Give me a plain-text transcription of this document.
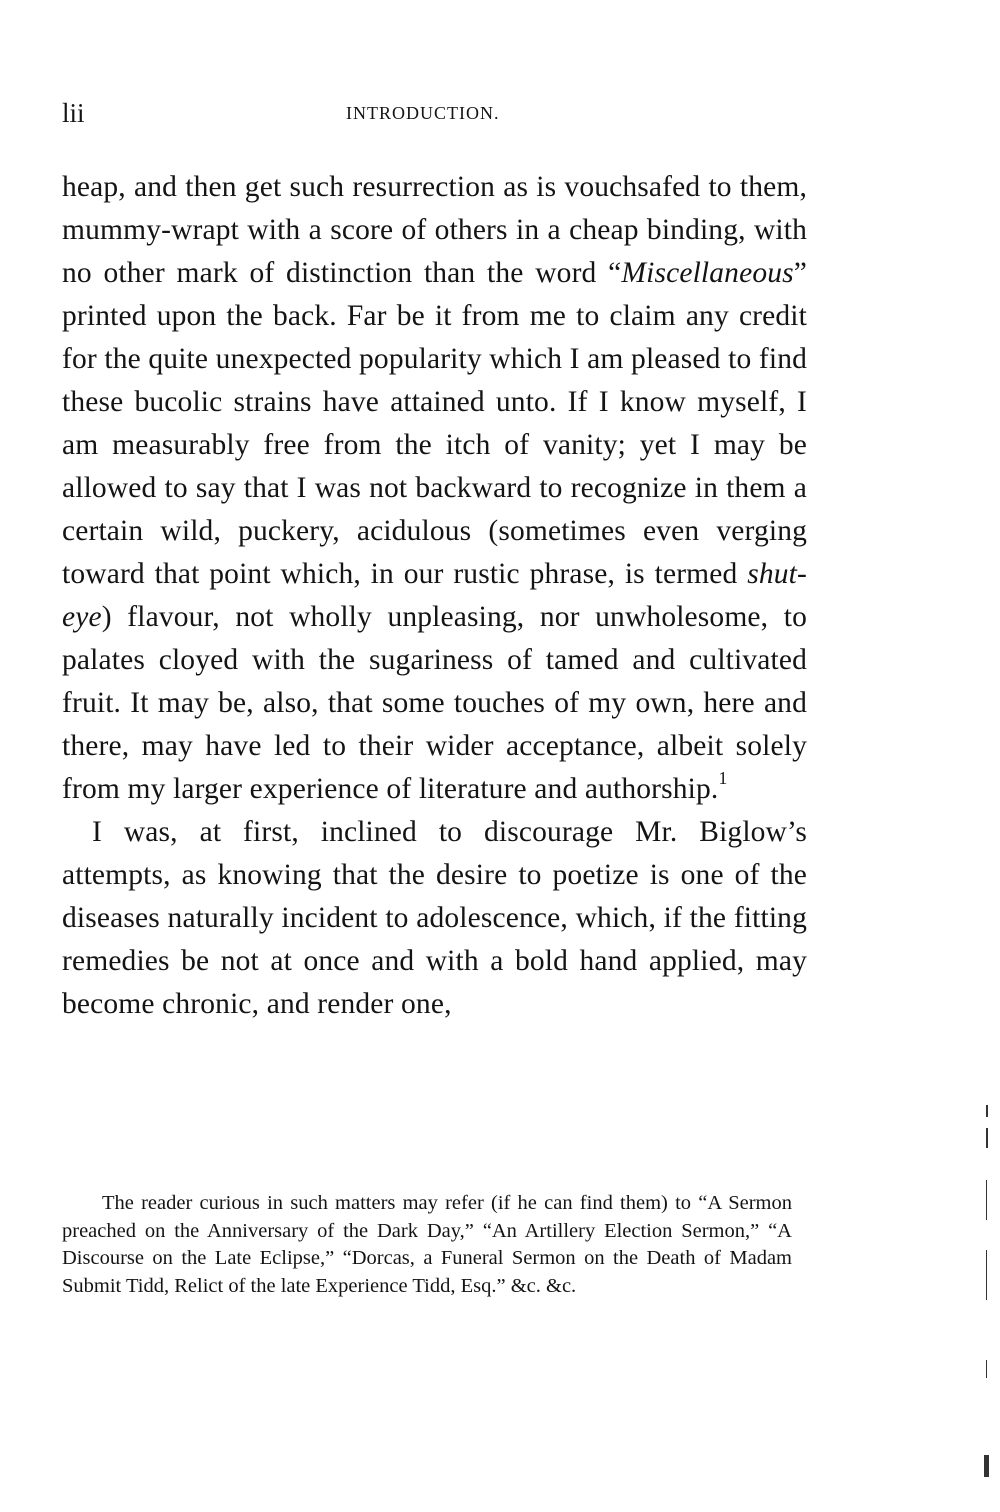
lii	INTRODUCTION.

heap, and then get such resurrection as is vouchsafed to them, mummy-wrapt with a score of others in a cheap binding, with no other mark of distinction than the word “Miscellaneous” printed upon the back. Far be it from me to claim any credit for the quite unexpected popularity which I am pleased to find these bucolic strains have attained unto. If I know myself, I am measurably free from the itch of vanity; yet I may be allowed to say that I was not backward to recognize in them a certain wild, puckery, acidulous (sometimes even verging toward that point which, in our rustic phrase, is termed shut-eye) flavour, not wholly unpleasing, nor unwholesome, to palates cloyed with the sugariness of tamed and cultivated fruit. It may be, also, that some touches of my own, here and there, may have led to their wider acceptance, albeit solely from my larger experience of literature and authorship.$^1$

I was, at first, inclined to discourage Mr. Biglow’s attempts, as knowing that the desire to poetize is one of the diseases naturally incident to adolescence, which, if the fitting remedies be not at once and with a bold hand applied, may become chronic, and render one,

The reader curious in such matters may refer (if he can find them) to “A Sermon preached on the Anniversary of the Dark Day,” “An Artillery Election Sermon,” “A Discourse on the Late Eclipse,” “Dorcas, a Funeral Sermon on the Death of Madam Submit Tidd, Relict of the late Experience Tidd, Esq.” &c. &c.
